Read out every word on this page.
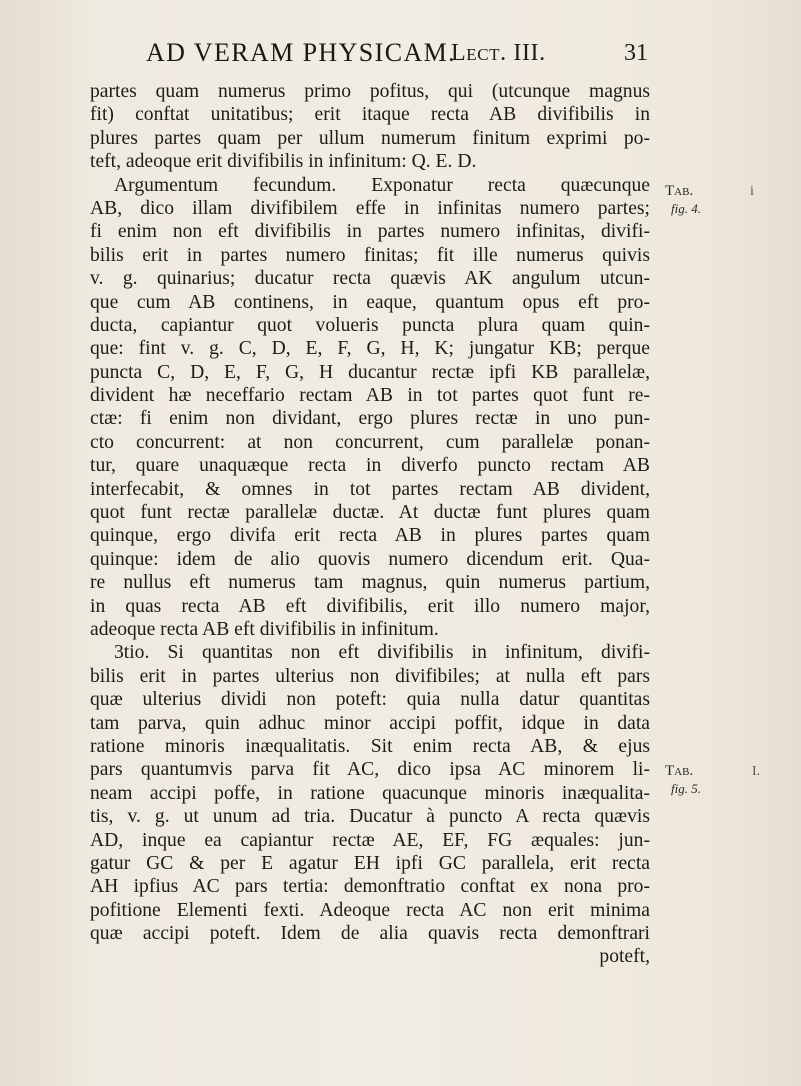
AD VERAM PHYSICAM.
Lect. III.	31
partes quam numerus primo pofitus, qui (utcunque magnus
fit) conftat unitatibus; erit itaque recta AB divifibilis in
plures partes quam per ullum numerum finitum exprimi po-
teft, adeoque erit divifibilis in infinitum: Q. E. D.
Argumentum fecundum. Exponatur recta quæcunque
AB, dico illam divifibilem effe in infinitas numero partes;
fi enim non eft divifibilis in partes numero infinitas, divifi-
bilis erit in partes numero finitas; fit ille numerus quivis
v. g. quinarius; ducatur recta quævis AK angulum utcun-
que cum AB continens, in eaque, quantum opus eft pro-
ducta, capiantur quot volueris puncta plura quam quin-
que: fint v. g. C, D, E, F, G, H, K; jungatur KB; perque
puncta C, D, E, F, G, H ducantur rectæ ipfi KB parallelæ,
divident hæ neceffario rectam AB in tot partes quot funt re-
ctæ: fi enim non dividant, ergo plures rectæ in uno pun-
cto concurrent: at non concurrent, cum parallelæ ponan-
tur, quare unaquæque recta in diverfo puncto rectam AB
interfecabit, & omnes in tot partes rectam AB divident,
quot funt rectæ parallelæ ductæ. At ductæ funt plures quam
quinque, ergo divifa erit recta AB in plures partes quam
quinque: idem de alio quovis numero dicendum erit. Qua-
re nullus eft numerus tam magnus, quin numerus partium,
in quas recta AB eft divifibilis, erit illo numero major,
adeoque recta AB eft divifibilis in infinitum.
3tio. Si quantitas non eft divifibilis in infinitum, divifi-
bilis erit in partes ulterius non divifibiles; at nulla eft pars
quæ ulterius dividi non poteft: quia nulla datur quantitas
tam parva, quin adhuc minor accipi poffit, idque in data
ratione minoris inæqualitatis. Sit enim recta AB, & ejus
pars quantumvis parva fit AC, dico ipsa AC minorem li-
neam accipi poffe, in ratione quacunque minoris inæqualita-
tis, v. g. ut unum ad tria. Ducatur à puncto A recta quævis
AD, inque ea capiantur rectæ AE, EF, FG æquales: jun-
gatur GC & per E agatur EH ipfi GC parallela, erit recta
AH ipfius AC pars tertia: demonftratio conftat ex nona pro-
pofitione Elementi fexti. Adeoque recta AC non erit minima
quæ accipi poteft. Idem de alia quavis recta demonftrari
poteft,
Tab.
fig. 4.
Tab.
fig. 5.
i
I.
